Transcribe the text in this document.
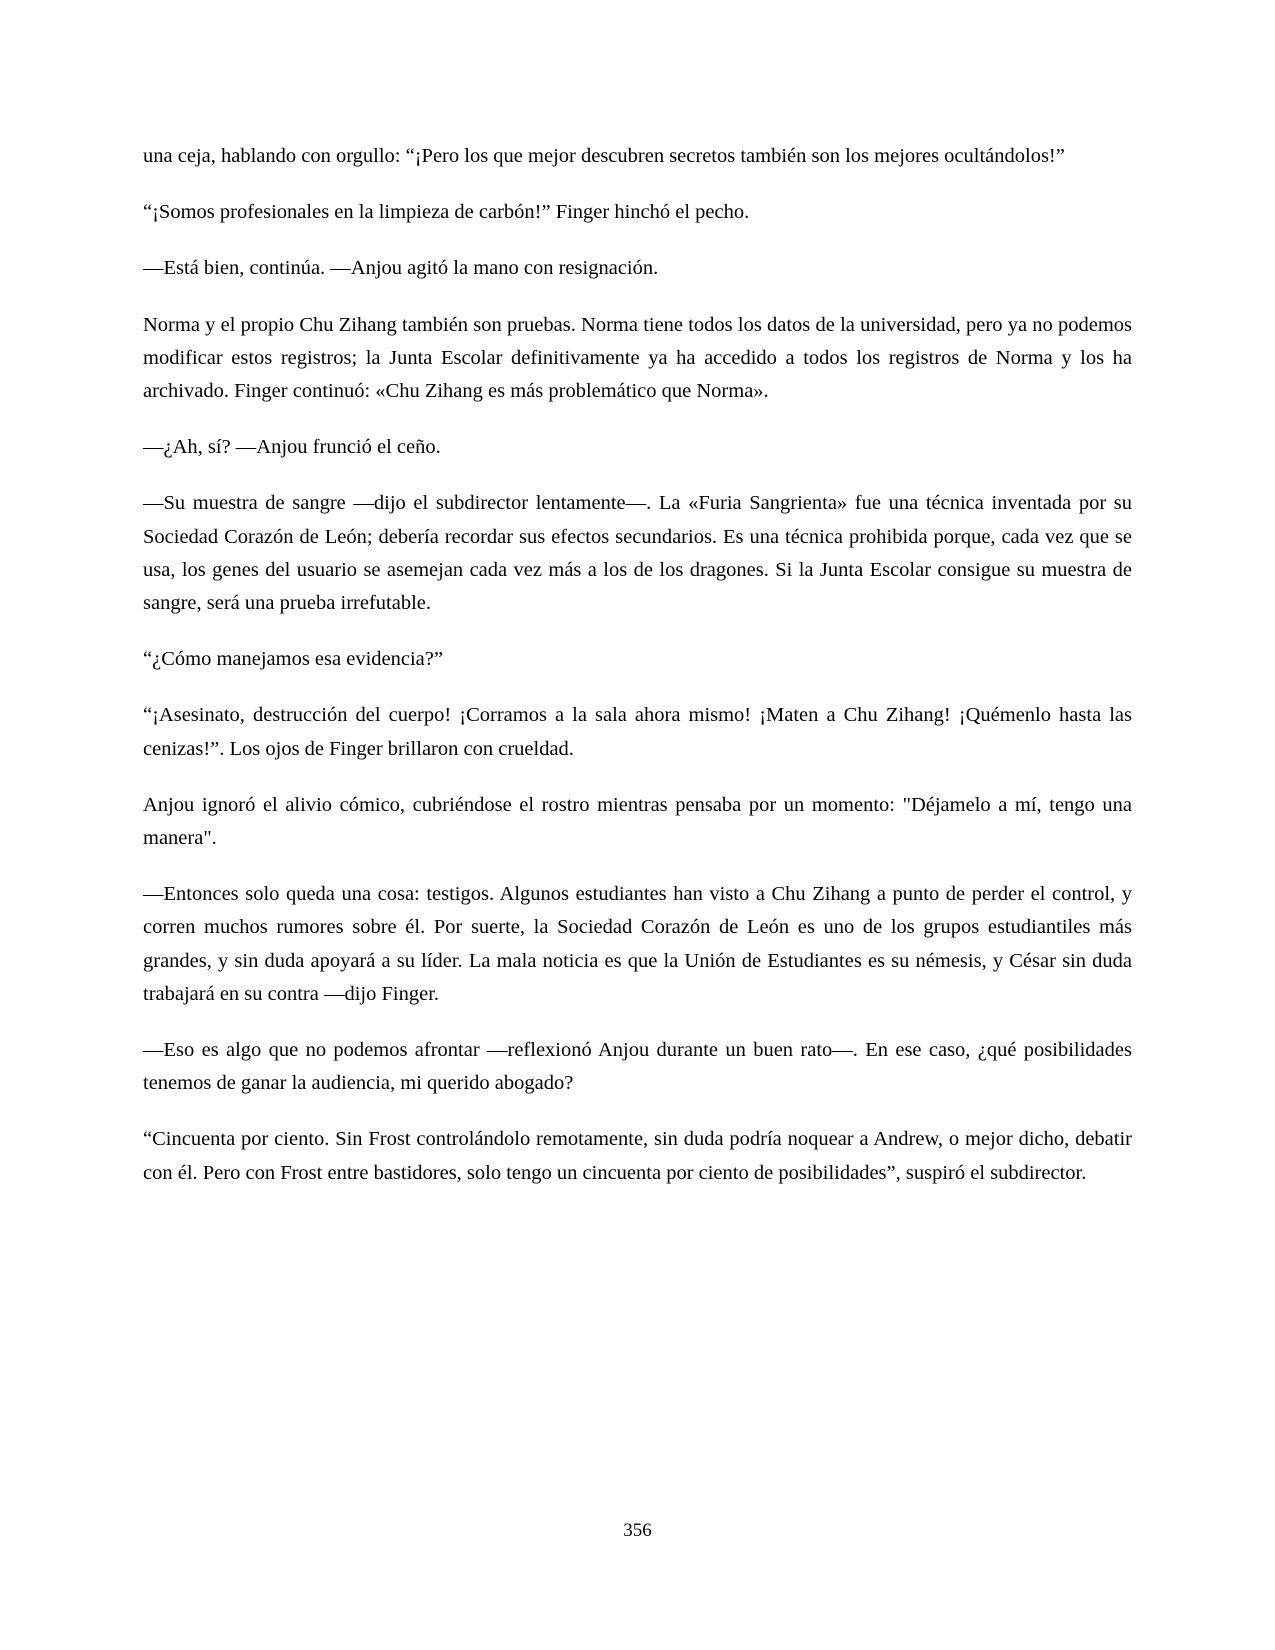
una ceja, hablando con orgullo: “¡Pero los que mejor descubren secretos también son los mejores ocultándolos!”

“¡Somos profesionales en la limpieza de carbón!” Finger hinchó el pecho.

—Está bien, continúa. —Anjou agitó la mano con resignación.

Norma y el propio Chu Zihang también son pruebas. Norma tiene todos los datos de la universidad, pero ya no podemos modificar estos registros; la Junta Escolar definitivamente ya ha accedido a todos los registros de Norma y los ha archivado. Finger continuó: «Chu Zihang es más problemático que Norma».

—¿Ah, sí? —Anjou frunció el ceño.

—Su muestra de sangre —dijo el subdirector lentamente—. La «Furia Sangrienta» fue una técnica inventada por su Sociedad Corazón de León; debería recordar sus efectos secundarios. Es una técnica prohibida porque, cada vez que se usa, los genes del usuario se asemejan cada vez más a los de los dragones. Si la Junta Escolar consigue su muestra de sangre, será una prueba irrefutable.

“¿Cómo manejamos esa evidencia?”

“¡Asesinato, destrucción del cuerpo! ¡Corramos a la sala ahora mismo! ¡Maten a Chu Zihang! ¡Quémenlo hasta las cenizas!”. Los ojos de Finger brillaron con crueldad.

Anjou ignoró el alivio cómico, cubriéndose el rostro mientras pensaba por un momento: "Déjamelo a mí, tengo una manera".

—Entonces solo queda una cosa: testigos. Algunos estudiantes han visto a Chu Zihang a punto de perder el control, y corren muchos rumores sobre él. Por suerte, la Sociedad Corazón de León es uno de los grupos estudiantiles más grandes, y sin duda apoyará a su líder. La mala noticia es que la Unión de Estudiantes es su némesis, y César sin duda trabajará en su contra —dijo Finger.

—Eso es algo que no podemos afrontar —reflexionó Anjou durante un buen rato—. En ese caso, ¿qué posibilidades tenemos de ganar la audiencia, mi querido abogado?

“Cincuenta por ciento. Sin Frost controlándolo remotamente, sin duda podría noquear a Andrew, o mejor dicho, debatir con él. Pero con Frost entre bastidores, solo tengo un cincuenta por ciento de posibilidades”, suspiró el subdirector.

356
